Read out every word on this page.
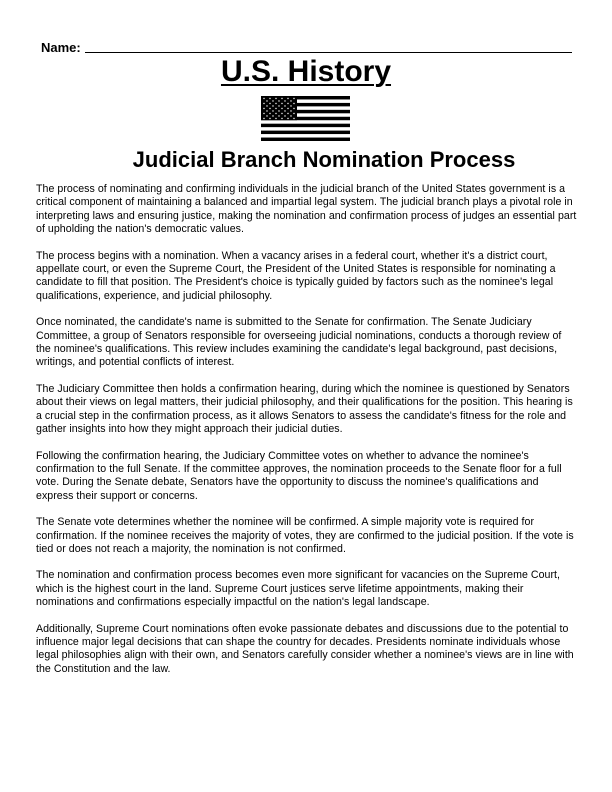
Name:
U.S. History
Judicial Branch Nomination Process

The process of nominating and confirming individuals in the judicial branch of the United States government is a critical component of maintaining a balanced and impartial legal system. The judicial branch plays a pivotal role in interpreting laws and ensuring justice, making the nomination and confirmation process of judges an essential part of upholding the nation's democratic values.

The process begins with a nomination. When a vacancy arises in a federal court, whether it's a district court, appellate court, or even the Supreme Court, the President of the United States is responsible for nominating a candidate to fill that position. The President's choice is typically guided by factors such as the nominee's legal qualifications, experience, and judicial philosophy.

Once nominated, the candidate's name is submitted to the Senate for confirmation. The Senate Judiciary Committee, a group of Senators responsible for overseeing judicial nominations, conducts a thorough review of the nominee's qualifications. This review includes examining the candidate's legal background, past decisions, writings, and potential conflicts of interest.

The Judiciary Committee then holds a confirmation hearing, during which the nominee is questioned by Senators about their views on legal matters, their judicial philosophy, and their qualifications for the position. This hearing is a crucial step in the confirmation process, as it allows Senators to assess the candidate's fitness for the role and gather insights into how they might approach their judicial duties.

Following the confirmation hearing, the Judiciary Committee votes on whether to advance the nominee's confirmation to the full Senate. If the committee approves, the nomination proceeds to the Senate floor for a full vote. During the Senate debate, Senators have the opportunity to discuss the nominee's qualifications and express their support or concerns.

The Senate vote determines whether the nominee will be confirmed. A simple majority vote is required for confirmation. If the nominee receives the majority of votes, they are confirmed to the judicial position. If the vote is tied or does not reach a majority, the nomination is not confirmed.

The nomination and confirmation process becomes even more significant for vacancies on the Supreme Court, which is the highest court in the land. Supreme Court justices serve lifetime appointments, making their nominations and confirmations especially impactful on the nation's legal landscape.

Additionally, Supreme Court nominations often evoke passionate debates and discussions due to the potential to influence major legal decisions that can shape the country for decades. Presidents nominate individuals whose legal philosophies align with their own, and Senators carefully consider whether a nominee's views are in line with the Constitution and the law.
